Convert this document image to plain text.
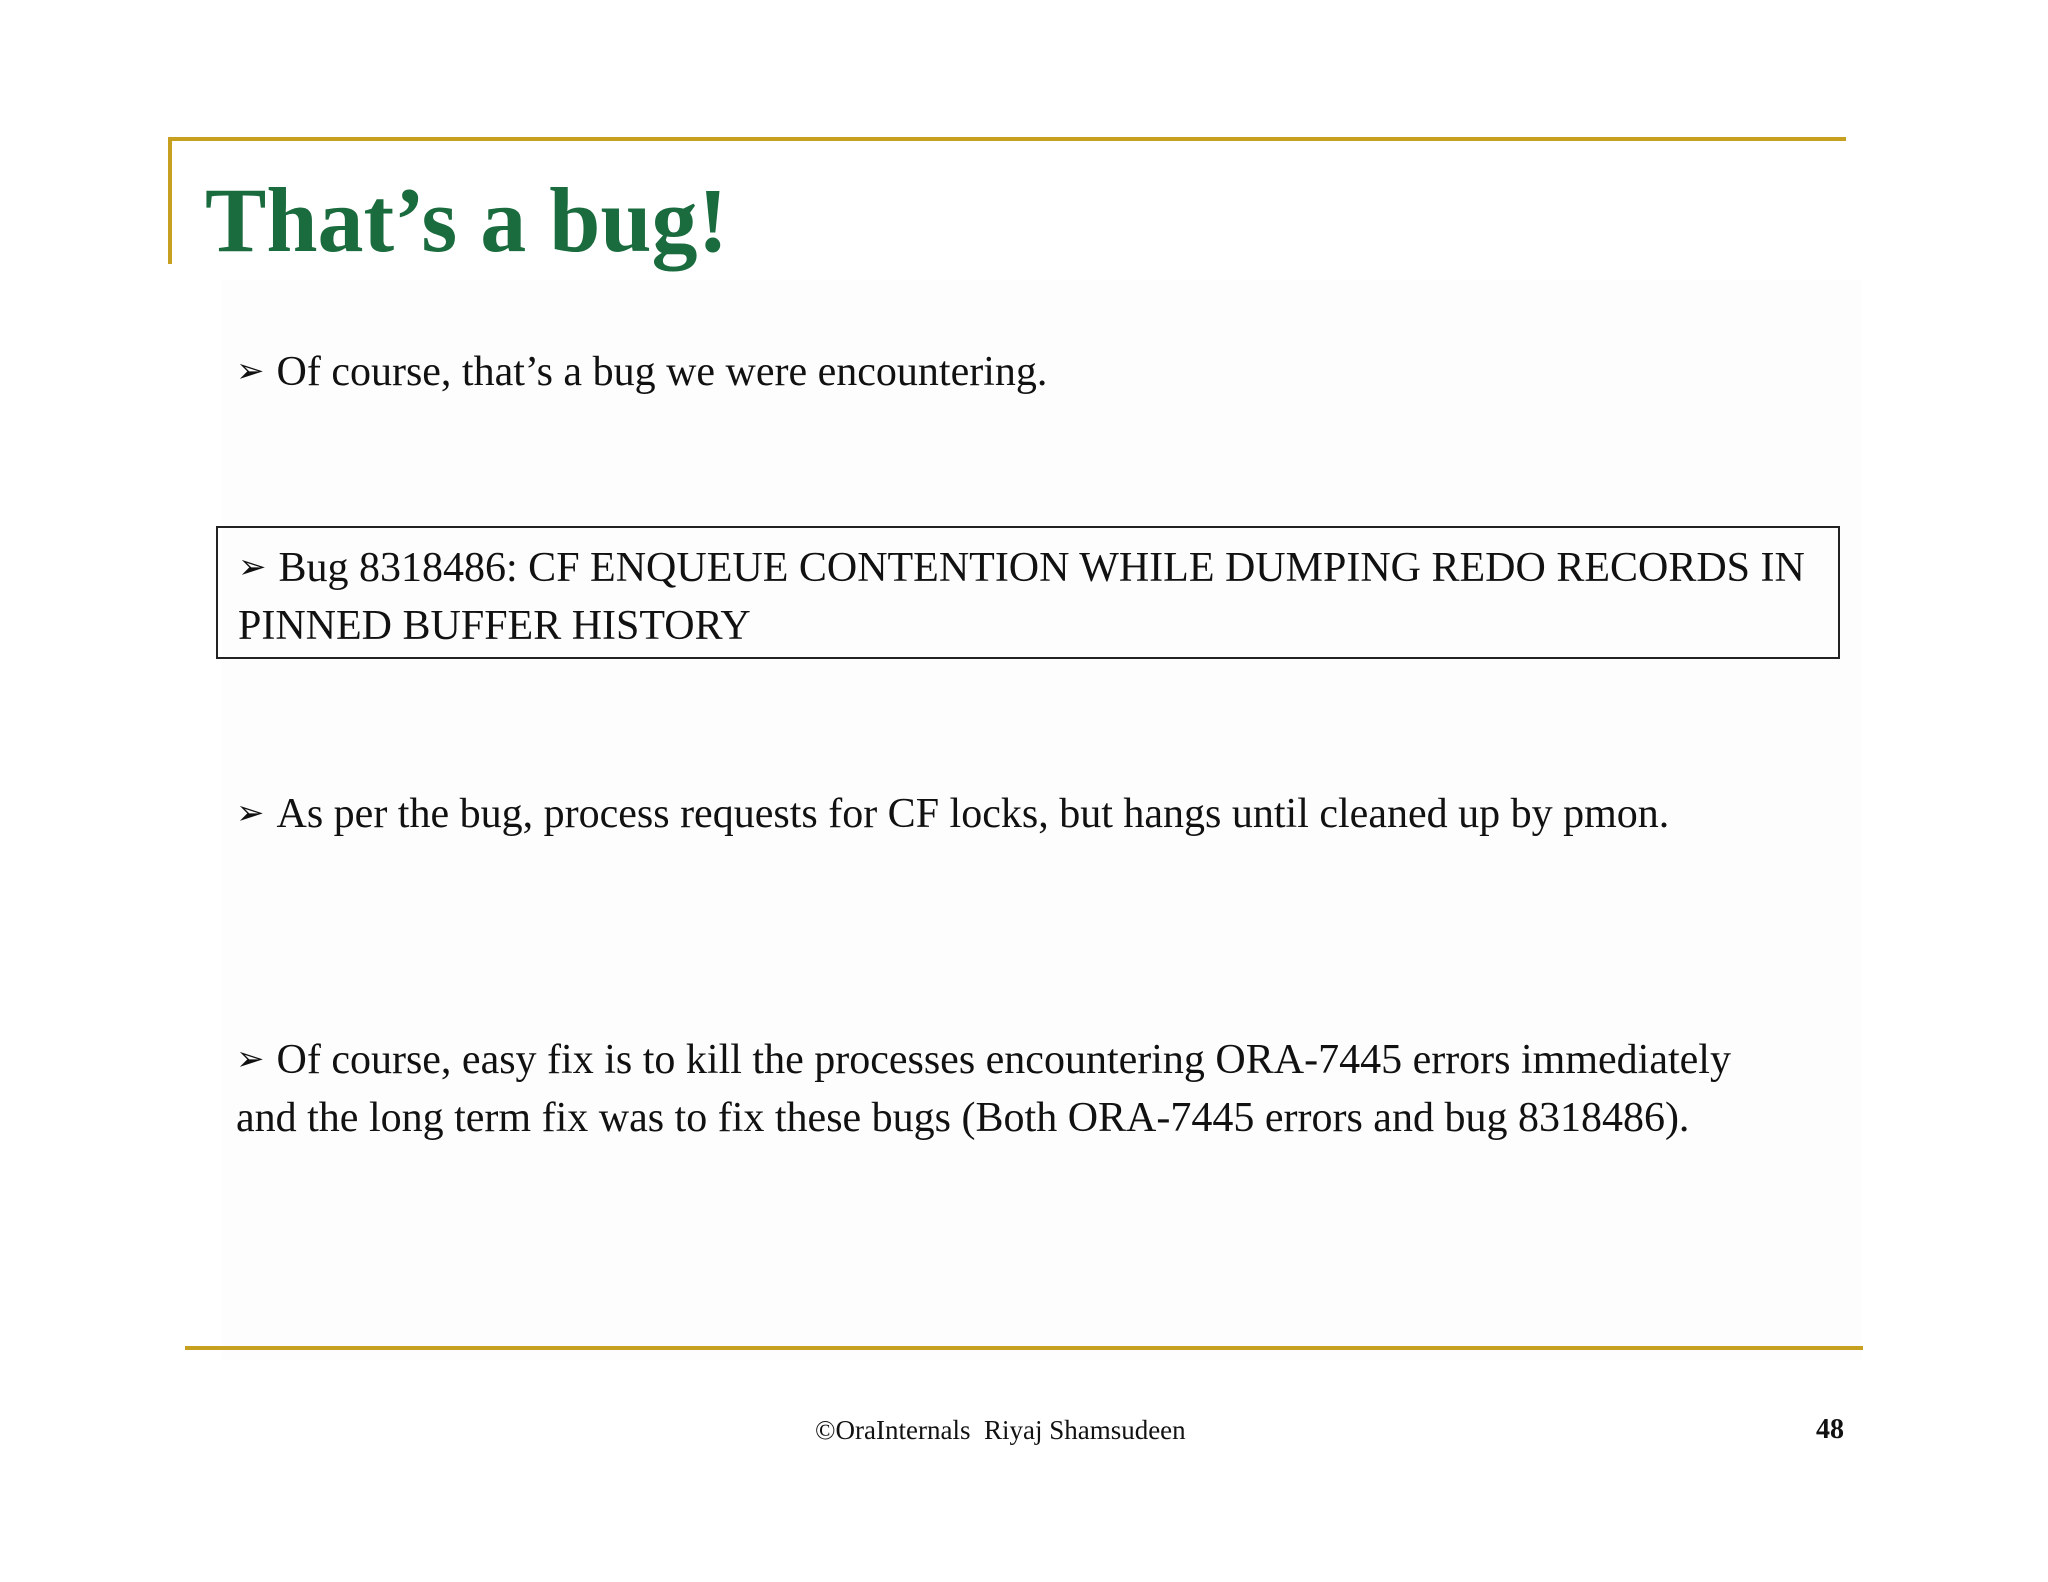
That’s a bug!

➢ Of course, that’s a bug we were encountering.

➢ Bug 8318486: CF ENQUEUE CONTENTION WHILE DUMPING REDO RECORDS IN PINNED BUFFER HISTORY

➢ As per the bug, process requests for CF locks, but hangs until cleaned up by pmon.

➢ Of course, easy fix is to kill the processes encountering ORA-7445 errors immediately and the long term fix was to fix these bugs (Both ORA-7445 errors and bug 8318486).

©OraInternals  Riyaj Shamsudeen	48
